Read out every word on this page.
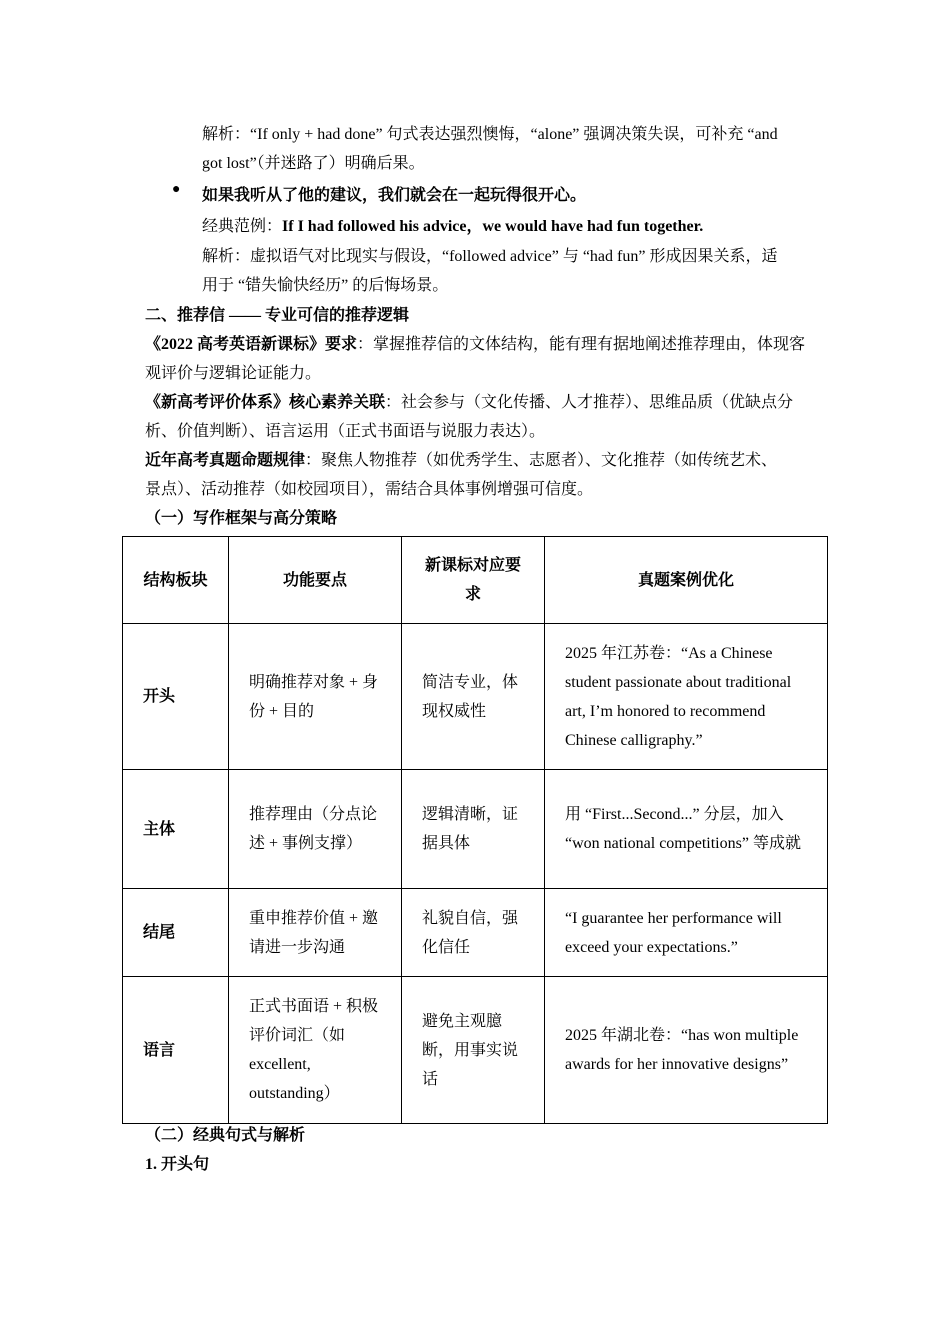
解析：“If only + had done” 句式表达强烈懊悔，“alone” 强调决策失误，可补充 “and got lost”（并迷路了）明确后果。
● 如果我听从了他的建议，我们就会在一起玩得很开心。
经典范例：If I had followed his advice，we would have had fun together.
解析：虚拟语气对比现实与假设，“followed advice” 与 “had fun” 形成因果关系，适用于 “错失愉快经历” 的后悔场景。
二、推荐信 —— 专业可信的推荐逻辑
《2022 高考英语新课标》要求：掌握推荐信的文体结构，能有理有据地阐述推荐理由，体现客观评价与逻辑论证能力。
《新高考评价体系》核心素养关联：社会参与（文化传播、人才推荐）、思维品质（优缺点分析、价值判断）、语言运用（正式书面语与说服力表达）。
近年高考真题命题规律：聚焦人物推荐（如优秀学生、志愿者）、文化推荐（如传统艺术、景点）、活动推荐（如校园项目），需结合具体事例增强可信度。
（一）写作框架与高分策略
结构板块	功能要点	新课标对应要求	真题案例优化
开头	明确推荐对象 + 身份 + 目的	简洁专业，体现权威性	2025 年江苏卷：“As a Chinese student passionate about traditional art, I’m honored to recommend Chinese calligraphy.”
主体	推荐理由（分点论述 + 事例支撑）	逻辑清晰，证据具体	用 “First...Second...” 分层，加入 “won national competitions” 等成就
结尾	重申推荐价值 + 邀请进一步沟通	礼貌自信，强化信任	“I guarantee her performance will exceed your expectations.”
语言	正式书面语 + 积极评价词汇（如 excellent, outstanding）	避免主观臆断，用事实说话	2025 年湖北卷：“has won multiple awards for her innovative designs”
（二）经典句式与解析
1. 开头句
